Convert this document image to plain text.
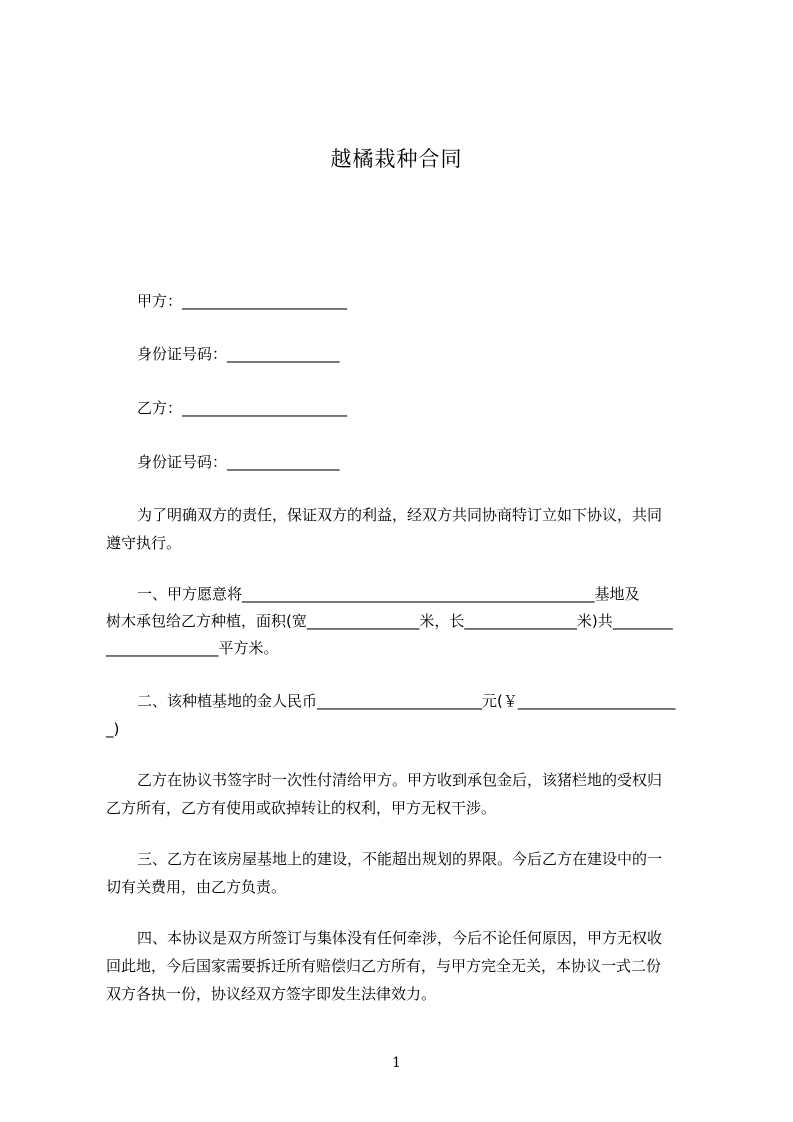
越橘栽种合同
甲方：______________________
身份证号码：_______________
乙方：______________________
身份证号码：_______________
为了明确双方的责任，保证双方的利益，经双方共同协商特订立如下协议，共同
遵守执行。
一、甲方愿意将_______________________________________________基地及
树木承包给乙方种植，面积(宽_______________米，长_______________米)共________
_______________平方米。
二、该种植基地的金人民币______________________元(￥_____________________
_)
乙方在协议书签字时一次性付清给甲方。甲方收到承包金后，该猪栏地的受权归
乙方所有，乙方有使用或砍掉转让的权利，甲方无权干涉。
三、乙方在该房屋基地上的建设，不能超出规划的界限。今后乙方在建设中的一
切有关费用，由乙方负责。
四、本协议是双方所签订与集体没有任何牵涉，今后不论任何原因，甲方无权收
回此地，今后国家需要拆迁所有赔偿归乙方所有，与甲方完全无关，本协议一式二份
双方各执一份，协议经双方签字即发生法律效力。
1
